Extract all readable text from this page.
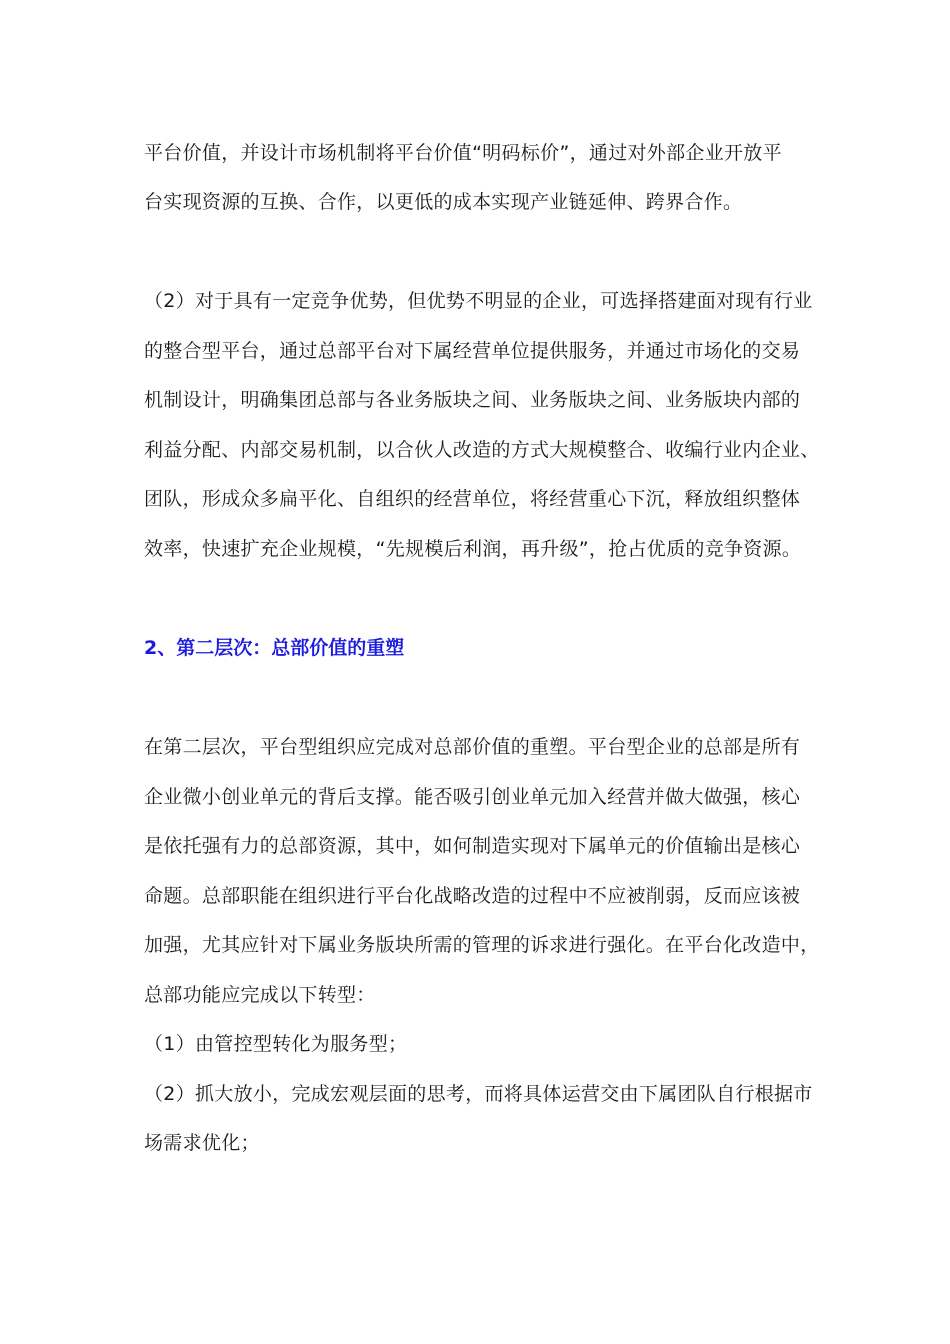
平台价值，并设计市场机制将平台价值“明码标价”，通过对外部企业开放平
台实现资源的互换、合作，以更低的成本实现产业链延伸、跨界合作。
（2）对于具有一定竞争优势，但优势不明显的企业，可选择搭建面对现有行业
的整合型平台，通过总部平台对下属经营单位提供服务，并通过市场化的交易
机制设计，明确集团总部与各业务版块之间、业务版块之间、业务版块内部的
利益分配、内部交易机制，以合伙人改造的方式大规模整合、收编行业内企业、
团队，形成众多扁平化、自组织的经营单位，将经营重心下沉，释放组织整体
效率，快速扩充企业规模，“先规模后利润，再升级”，抢占优质的竞争资源。
2、第二层次：总部价值的重塑
在第二层次，平台型组织应完成对总部价值的重塑。平台型企业的总部是所有
企业微小创业单元的背后支撑。能否吸引创业单元加入经营并做大做强，核心
是依托强有力的总部资源，其中，如何制造实现对下属单元的价值输出是核心
命题。总部职能在组织进行平台化战略改造的过程中不应被削弱，反而应该被
加强，尤其应针对下属业务版块所需的管理的诉求进行强化。在平台化改造中，
总部功能应完成以下转型：
（1）由管控型转化为服务型；
（2）抓大放小，完成宏观层面的思考，而将具体运营交由下属团队自行根据市
场需求优化；
